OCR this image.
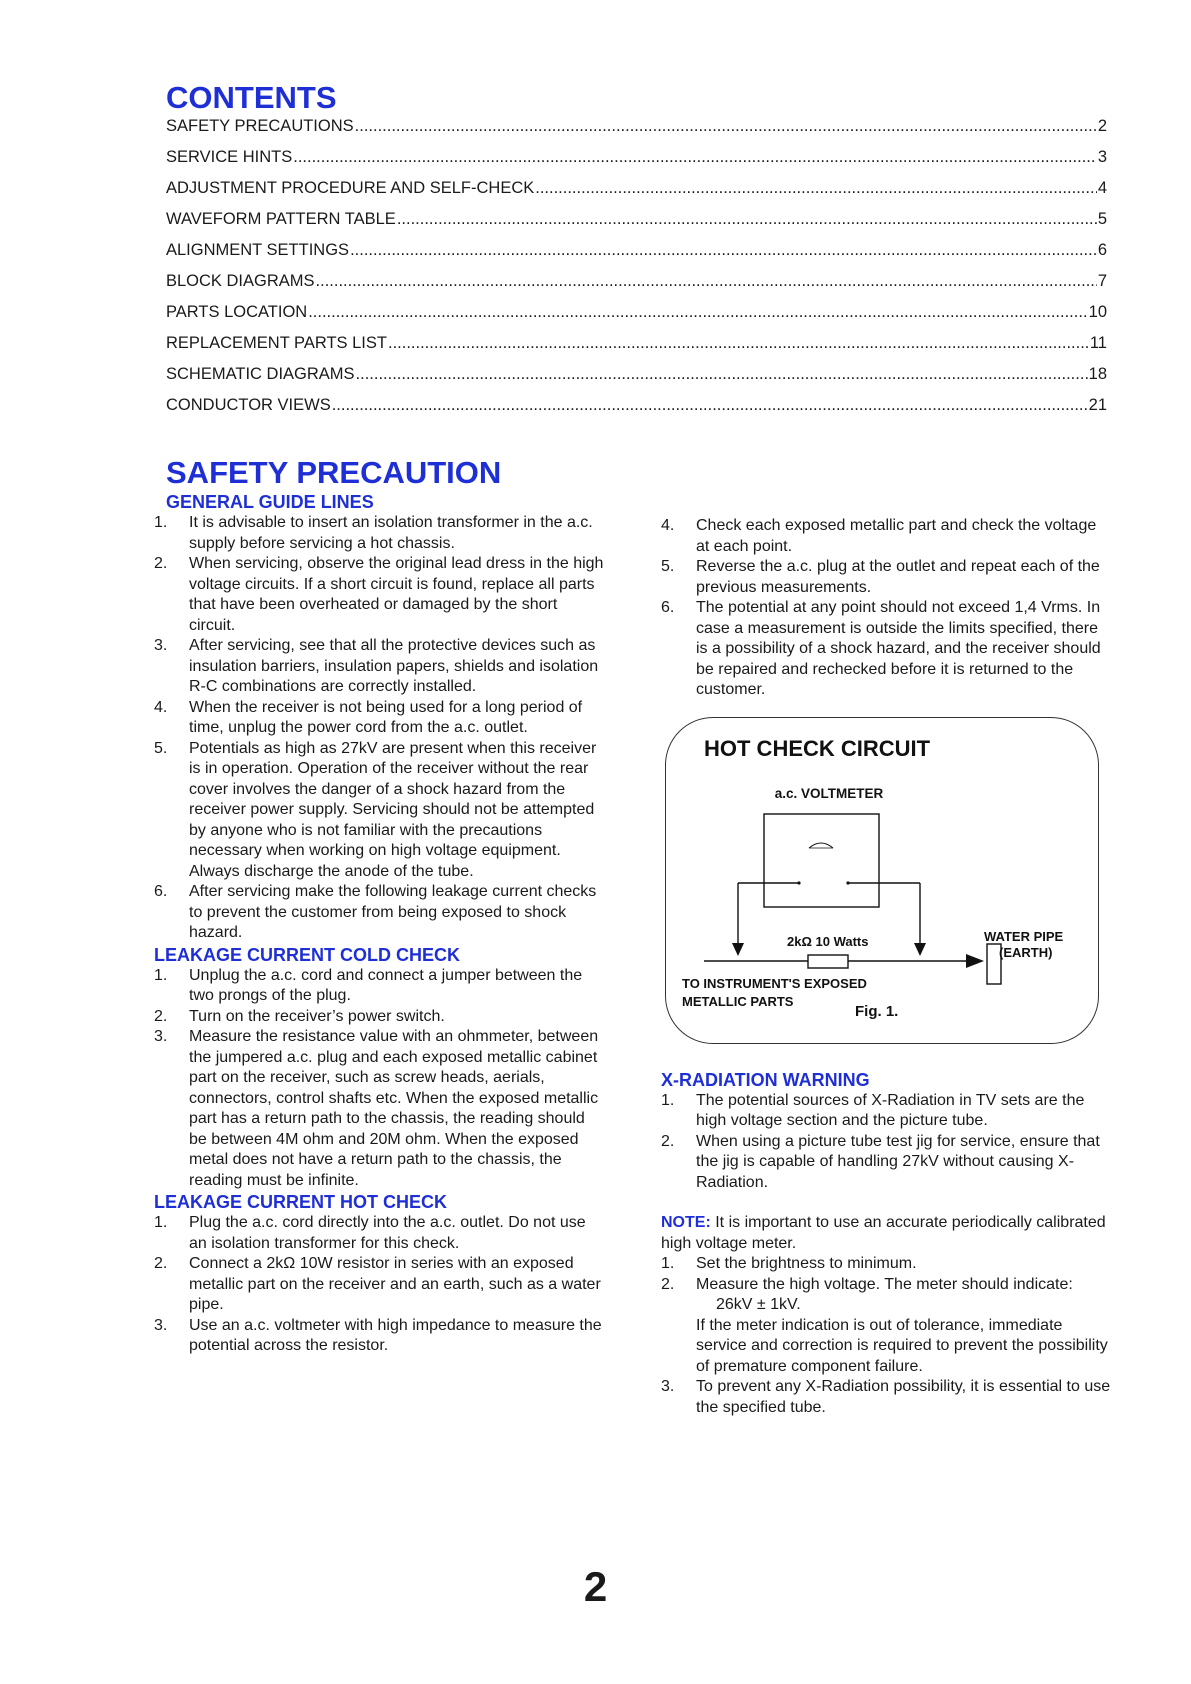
CONTENTS
SAFETY PRECAUTIONS .....	2
SERVICE HINTS .....	3
ADJUSTMENT PROCEDURE AND SELF-CHECK .....	4
WAVEFORM PATTERN TABLE .....	5
ALIGNMENT SETTINGS .....	6
BLOCK DIAGRAMS .....	7
PARTS LOCATION .....	10
REPLACEMENT PARTS LIST .....	11
SCHEMATIC DIAGRAMS .....	18
CONDUCTOR VIEWS .....	21
SAFETY PRECAUTION
GENERAL GUIDE LINES
1.	It is advisable to insert an isolation transformer in the a.c. supply before servicing a hot chassis.
2.	When servicing, observe the original lead dress in the high voltage circuits. If a short circuit is found, replace all parts that have been overheated or damaged by the short circuit.
3.	After servicing, see that all the protective devices such as insulation barriers, insulation papers, shields and isolation R-C combinations are correctly installed.
4.	When the receiver is not being used for a long period of time, unplug the power cord from the a.c. outlet.
5.	Potentials as high as 27kV are present when this receiver is in operation. Operation of the receiver without the rear cover involves the danger of a shock hazard from the receiver power supply. Servicing should not be attempted by anyone who is not familiar with the precautions necessary when working on high voltage equipment. Always discharge the anode of the tube.
6.	After servicing make the following leakage current checks to prevent the customer from being exposed to shock hazard.
LEAKAGE CURRENT COLD CHECK
1.	Unplug the a.c. cord and connect a jumper between the two prongs of the plug.
2.	Turn on the receiver’s power switch.
3.	Measure the resistance value with an ohmmeter, between the jumpered a.c. plug and each exposed metallic cabinet part on the receiver, such as screw heads, aerials, connectors, control shafts etc. When the exposed metallic part has a return path to the chassis, the reading should be between 4M ohm and 20M ohm. When the exposed metal does not have a return path to the chassis, the reading must be infinite.
LEAKAGE CURRENT HOT CHECK
1.	Plug the a.c. cord directly into the a.c. outlet. Do not use an isolation transformer for this check.
2.	Connect a 2kΩ 10W resistor in series with an exposed metallic part on the receiver and an earth, such as a water pipe.
3.	Use an a.c. voltmeter with high impedance to measure the potential across the resistor.
4.	Check each exposed metallic part and check the voltage at each point.
5.	Reverse the a.c. plug at the outlet and repeat each of the previous measurements.
6.	The potential at any point should not exceed 1,4 Vrms. In case a measurement is outside the limits specified, there is a possibility of a shock hazard, and the receiver should be repaired and rechecked before it is returned to the customer.
X-RADIATION WARNING
1.	The potential sources of X-Radiation in TV sets are the high voltage section and the picture tube.
2.	When using a picture tube test jig for service, ensure that the jig is capable of handling 27kV without causing X-Radiation.

NOTE: It is important to use an accurate periodically calibrated high voltage meter.

1.	Set the brightness to minimum.
2.	Measure the high voltage. The meter should indicate:
26kV ± 1kV.
If the meter indication is out of tolerance, immediate service and correction is required to prevent the possibility of premature component failure.
3.	To prevent any X-Radiation possibility, it is essential to use the specified tube.
HOT CHECK CIRCUIT
a.c. VOLTMETER
2kΩ 10 Watts	WATER PIPE
(EARTH)
TO INSTRUMENT'S EXPOSED
METALLIC PARTS
Fig. 1.
2
